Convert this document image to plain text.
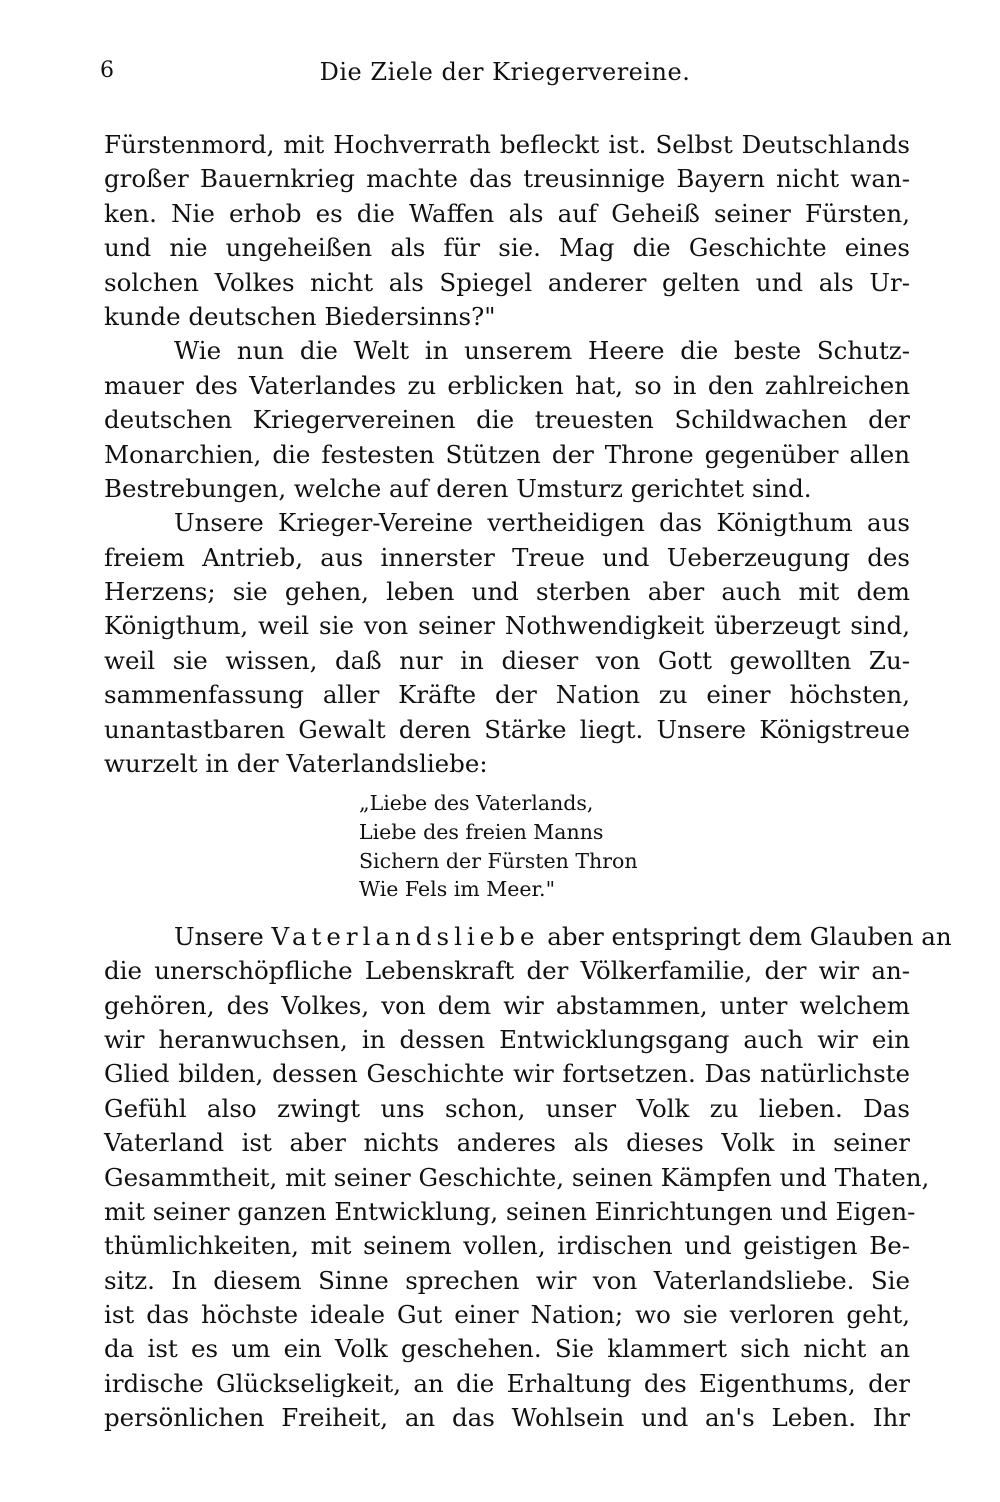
6	Die Ziele der Kriegervereine.
Fürstenmord, mit Hochverrath befleckt ist. Selbst Deutschlands
großer Bauernkrieg machte das treusinnige Bayern nicht wan-
ken. Nie erhob es die Waffen als auf Geheiß seiner Fürsten,
und nie ungeheißen als für sie. Mag die Geschichte eines
solchen Volkes nicht als Spiegel anderer gelten und als Ur-
kunde deutschen Biedersinns?"
Wie nun die Welt in unserem Heere die beste Schutz-
mauer des Vaterlandes zu erblicken hat, so in den zahlreichen
deutschen Kriegervereinen die treuesten Schildwachen der
Monarchien, die festesten Stützen der Throne gegenüber allen
Bestrebungen, welche auf deren Umsturz gerichtet sind.
Unsere Krieger-Vereine vertheidigen das Königthum aus
freiem Antrieb, aus innerster Treue und Ueberzeugung des
Herzens; sie gehen, leben und sterben aber auch mit dem
Königthum, weil sie von seiner Nothwendigkeit überzeugt sind,
weil sie wissen, daß nur in dieser von Gott gewollten Zu-
sammenfassung aller Kräfte der Nation zu einer höchsten,
unantastbaren Gewalt deren Stärke liegt. Unsere Königstreue
wurzelt in der Vaterlandsliebe:
„Liebe des Vaterlands,
Liebe des freien Manns
Sichern der Fürsten Thron
Wie Fels im Meer."
Unsere Vaterlandsliebe aber entspringt dem Glauben an
die unerschöpfliche Lebenskraft der Völkerfamilie, der wir an-
gehören, des Volkes, von dem wir abstammen, unter welchem
wir heranwuchsen, in dessen Entwicklungsgang auch wir ein
Glied bilden, dessen Geschichte wir fortsetzen. Das natürlichste
Gefühl also zwingt uns schon, unser Volk zu lieben. Das
Vaterland ist aber nichts anderes als dieses Volk in seiner
Gesammtheit, mit seiner Geschichte, seinen Kämpfen und Thaten,
mit seiner ganzen Entwicklung, seinen Einrichtungen und Eigen-
thümlichkeiten, mit seinem vollen, irdischen und geistigen Be-
sitz. In diesem Sinne sprechen wir von Vaterlandsliebe. Sie
ist das höchste ideale Gut einer Nation; wo sie verloren geht,
da ist es um ein Volk geschehen. Sie klammert sich nicht an
irdische Glückseligkeit, an die Erhaltung des Eigenthums, der
persönlichen Freiheit, an das Wohlsein und an's Leben. Ihr
